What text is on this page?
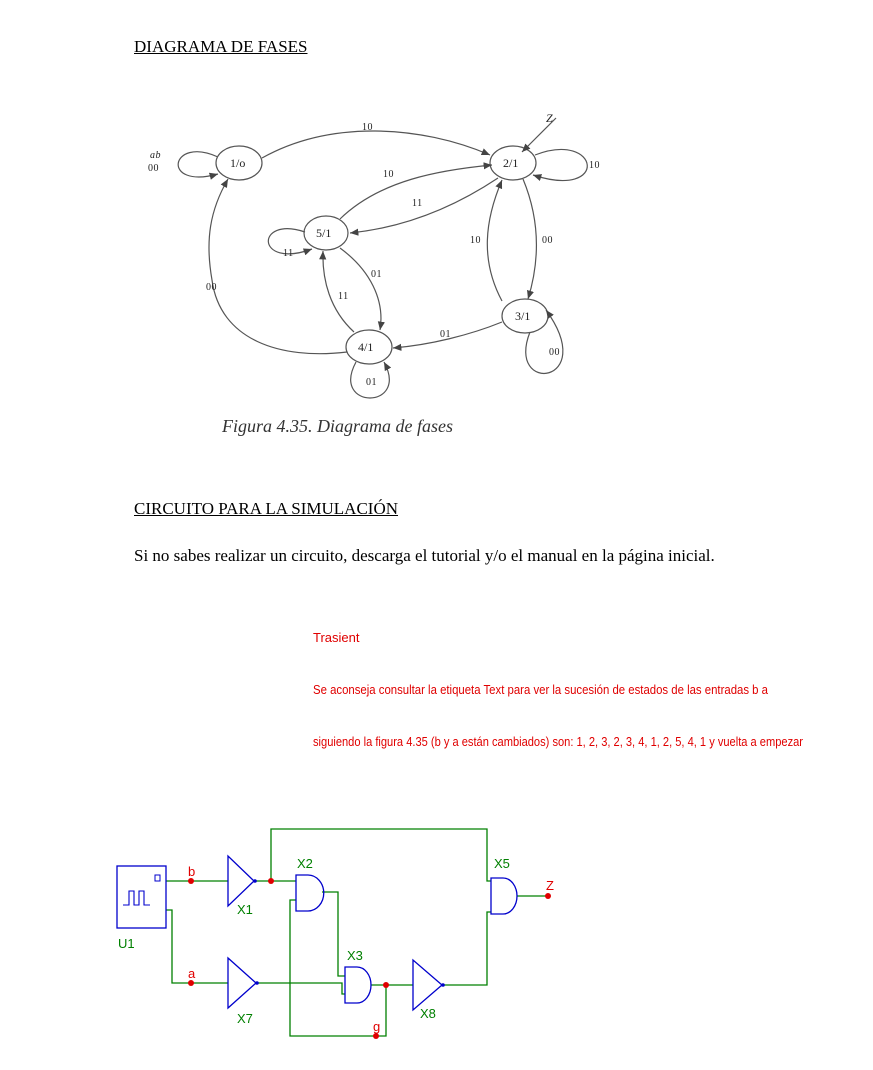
DIAGRAMA DE FASES
1/o	2/1
3/1
4/1
5/1
ab
00
Z
10
10
10
11
11
01
11
10	00
00
01
00
01
Figura 4.35. Diagrama de fases
CIRCUITO PARA LA SIMULACIÓN
Si no sabes realizar un circuito, descarga el tutorial y/o el manual en la página inicial.
Trasient
Se aconseja consultar la etiqueta Text para ver la sucesión de estados de las entradas b a
siguiendo la figura 4.35 (b y a están cambiados) son: 1, 2, 3, 2, 3, 4, 1, 2, 5, 4, 1 y vuelta a empezar
U1
X1
X7
X2
X3
X8
X5
b
a
g
Z
